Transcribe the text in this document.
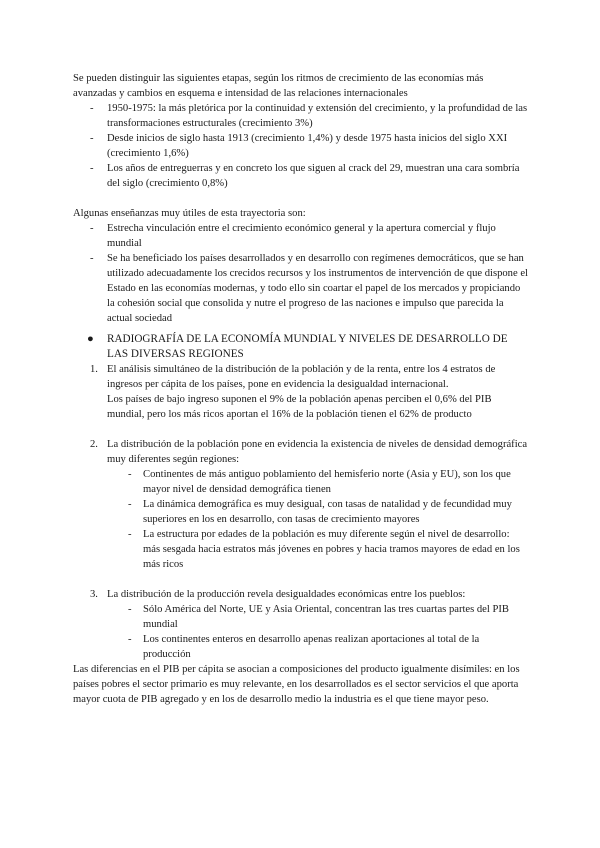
Se pueden distinguir las siguientes etapas, según los ritmos de crecimiento de las economías más avanzadas y cambios en esquema e intensidad de las relaciones internacionales

- 1950-1975: la más pletórica por la continuidad y extensión del crecimiento, y la profundidad de las transformaciones estructurales (crecimiento 3%)
- Desde inicios de siglo hasta 1913 (crecimiento 1,4%) y desde 1975 hasta inicios del siglo XXI (crecimiento 1,6%)
- Los años de entreguerras y en concreto los que siguen al crack del 29, muestran una cara sombría del siglo (crecimiento 0,8%)

Algunas enseñanzas muy útiles de esta trayectoria son:

- Estrecha vinculación entre el crecimiento económico general y la apertura comercial y flujo mundial
- Se ha beneficiado los países desarrollados y en desarrollo con regímenes democráticos, que se han utilizado adecuadamente los crecidos recursos y los instrumentos de intervención de que dispone el Estado en las economías modernas, y todo ello sin coartar el papel de los mercados y propiciando la cohesión social que consolida y nutre el progreso de las naciones e impulso que parecida la actual sociedad
● RADIOGRAFÍA DE LA ECONOMÍA MUNDIAL Y NIVELES DE DESARROLLO DE LAS DIVERSAS REGIONES
1. El análisis simultáneo de la distribución de la población y de la renta, entre los 4 estratos de ingresos per cápita de los países, pone en evidencia la desigualdad internacional.

Los países de bajo ingreso suponen el 9% de la población apenas perciben el 0,6% del PIB mundial, pero los más ricos aportan el 16% de la población tienen el 62% de producto

2. La distribución de la población pone en evidencia la existencia de niveles de densidad demográfica muy diferentes según regiones:

- Continentes de más antiguo poblamiento del hemisferio norte (Asia y EU), son los que mayor nivel de densidad demográfica tienen
- La dinámica demográfica es muy desigual, con tasas de natalidad y de fecundidad muy superiores en los en desarrollo, con tasas de crecimiento mayores
- La estructura por edades de la población es muy diferente según el nivel de desarrollo: más sesgada hacia estratos más jóvenes en pobres y hacia tramos mayores de edad en los más ricos
3. La distribución de la producción revela desigualdades económicas entre los pueblos:

- Sólo América del Norte, UE y Asia Oriental, concentran las tres cuartas partes del PIB mundial
- Los continentes enteros en desarrollo apenas realizan aportaciones al total de la producción

Las diferencias en el PIB per cápita se asocian a composiciones del producto igualmente disímiles: en los países pobres el sector primario es muy relevante, en los desarrollados es el sector servicios el que aporta mayor cuota de PIB agregado y en los de desarrollo medio la industria es el que tiene mayor peso.
